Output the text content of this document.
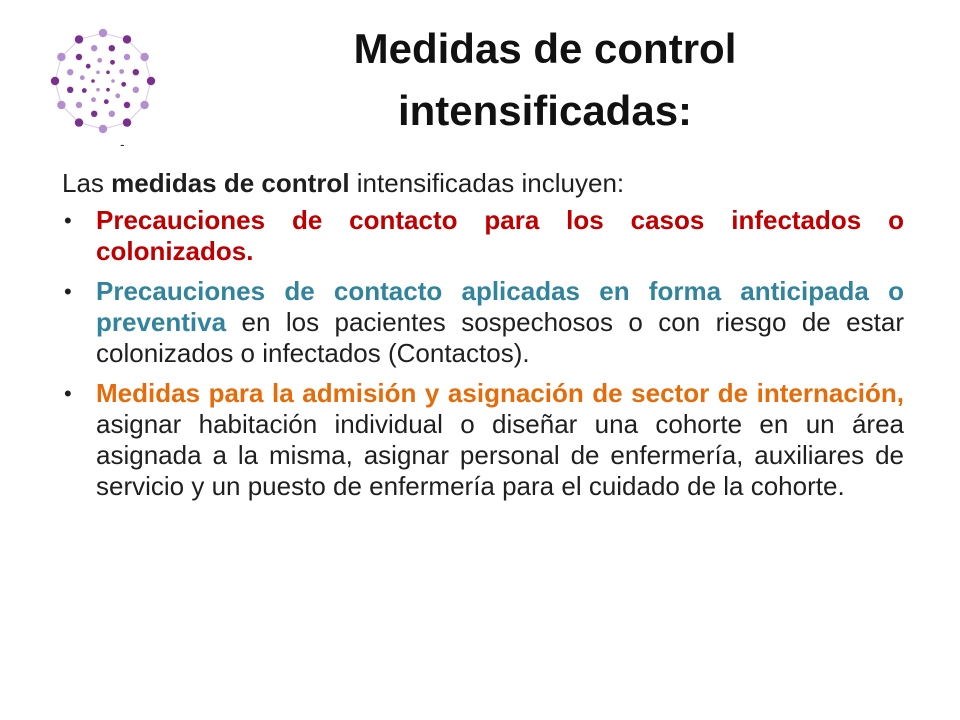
-
Medidas de control
intensificadas:

Las medidas de control intensificadas incluyen:

• Precauciones de contacto para los casos infectados o colonizados.
• Precauciones de contacto aplicadas en forma anticipada o preventiva en los pacientes sospechosos o con riesgo de estar colonizados o infectados (Contactos).
• Medidas para la admisión y asignación de sector de internación, asignar habitación individual o diseñar una cohorte en un área asignada a la misma, asignar personal de enfermería, auxiliares de servicio y un puesto de enfermería para el cuidado de la cohorte.
